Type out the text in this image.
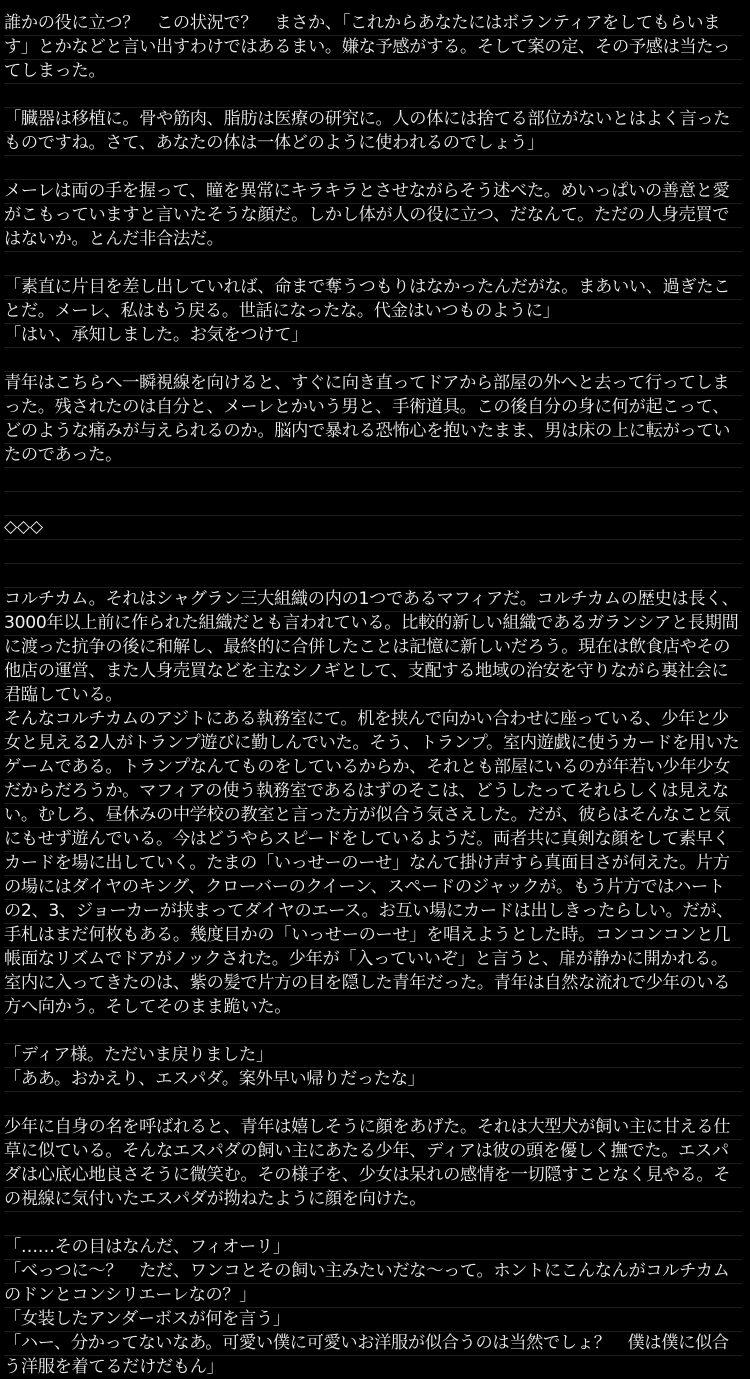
誰かの役に立つ？　この状況で？　まさか、「これからあなたにはボランティアをしてもらいま
す」とかなどと言い出すわけではあるまい。嫌な予感がする。そして案の定、その予感は当たっ
てしまった。
「臓器は移植に。骨や筋肉、脂肪は医療の研究に。人の体には捨てる部位がないとはよく言った
ものですね。さて、あなたの体は一体どのように使われるのでしょう」
メーレは両の手を握って、瞳を異常にキラキラとさせながらそう述べた。めいっぱいの善意と愛
がこもっていますと言いたそうな顔だ。しかし体が人の役に立つ、だなんて。ただの人身売買で
はないか。とんだ非合法だ。
「素直に片目を差し出していれば、命まで奪うつもりはなかったんだがな。まあいい、過ぎたこ
とだ。メーレ、私はもう戻る。世話になったな。代金はいつものように」
「はい、承知しました。お気をつけて」
青年はこちらへ一瞬視線を向けると、すぐに向き直ってドアから部屋の外へと去って行ってしま
った。残されたのは自分と、メーレとかいう男と、手術道具。この後自分の身に何が起こって、
どのような痛みが与えられるのか。脳内で暴れる恐怖心を抱いたまま、男は床の上に転がってい
たのであった。
◇◇◇
コルチカム。それはシャグラン三大組織の内の1つであるマフィアだ。コルチカムの歴史は長く、
3000年以上前に作られた組織だとも言われている。比較的新しい組織であるガランシアと長期間
に渡った抗争の後に和解し、最終的に合併したことは記憶に新しいだろう。現在は飲食店やその
他店の運営、また人身売買などを主なシノギとして、支配する地域の治安を守りながら裏社会に
君臨している。
そんなコルチカムのアジトにある執務室にて。机を挟んで向かい合わせに座っている、少年と少
女と見える2人がトランプ遊びに勤しんでいた。そう、トランプ。室内遊戯に使うカードを用いた
ゲームである。トランプなんてものをしているからか、それとも部屋にいるのが年若い少年少女
だからだろうか。マフィアの使う執務室であるはずのそこは、どうしたってそれらしくは見えな
い。むしろ、昼休みの中学校の教室と言った方が似合う気さえした。だが、彼らはそんなこと気
にもせず遊んでいる。今はどうやらスピードをしているようだ。両者共に真剣な顔をして素早く
カードを場に出していく。たまの「いっせーのーせ」なんて掛け声すら真面目さが伺えた。片方
の場にはダイヤのキング、クローバーのクイーン、スペードのジャックが。もう片方ではハート
の2、3、ジョーカーが挟まってダイヤのエース。お互い場にカードは出しきったらしい。だが、
手札はまだ何枚もある。幾度目かの「いっせーのーせ」を唱えようとした時。コンコンコンと几
帳面なリズムでドアがノックされた。少年が「入っていいぞ」と言うと、扉が静かに開かれる。
室内に入ってきたのは、紫の髪で片方の目を隠した青年だった。青年は自然な流れで少年のいる
方へ向かう。そしてそのまま跪いた。
「ディア様。ただいま戻りました」
「ああ。おかえり、エスパダ。案外早い帰りだったな」
少年に自身の名を呼ばれると、青年は嬉しそうに顔をあげた。それは大型犬が飼い主に甘える仕
草に似ている。そんなエスパダの飼い主にあたる少年、ディアは彼の頭を優しく撫でた。エスパ
ダは心底心地良さそうに微笑む。その様子を、少女は呆れの感情を一切隠すことなく見やる。そ
の視線に気付いたエスパダが拗ねたように顔を向けた。
「……その目はなんだ、フィオーリ」
「べっつに〜？　ただ、ワンコとその飼い主みたいだな〜って。ホントにこんなんがコルチカム
のドンとコンシリエーレなの？」
「女装したアンダーボスが何を言う」
「ハー、分かってないなあ。可愛い僕に可愛いお洋服が似合うのは当然でしょ？　僕は僕に似合
う洋服を着てるだけだもん」
